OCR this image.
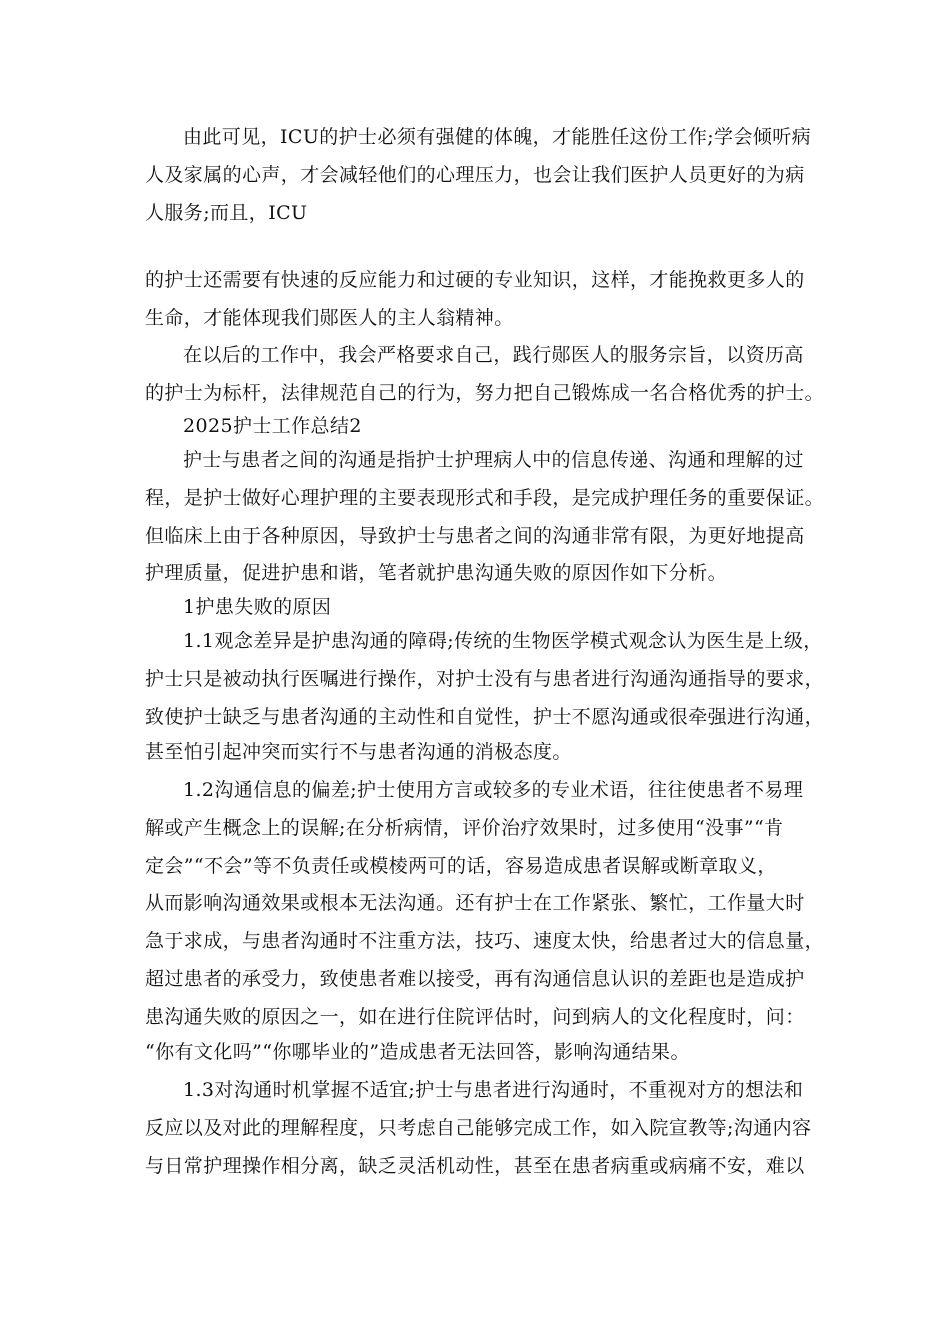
由此可见，ICU的护士必须有强健的体魄，才能胜任这份工作;学会倾听病
人及家属的心声，才会减轻他们的心理压力，也会让我们医护人员更好的为病
人服务;而且，ICU
的护士还需要有快速的反应能力和过硬的专业知识，这样，才能挽救更多人的
生命，才能体现我们郧医人的主人翁精神。
在以后的工作中，我会严格要求自己，践行郧医人的服务宗旨，以资历高
的护士为标杆，法律规范自己的行为，努力把自己锻炼成一名合格优秀的护士。
2025护士工作总结2
护士与患者之间的沟通是指护士护理病人中的信息传递、沟通和理解的过
程，是护士做好心理护理的主要表现形式和手段，是完成护理任务的重要保证。
但临床上由于各种原因，导致护士与患者之间的沟通非常有限，为更好地提高
护理质量，促进护患和谐，笔者就护患沟通失败的原因作如下分析。
1护患失败的原因
1.1观念差异是护患沟通的障碍;传统的生物医学模式观念认为医生是上级，
护士只是被动执行医嘱进行操作，对护士没有与患者进行沟通沟通指导的要求，
致使护士缺乏与患者沟通的主动性和自觉性，护士不愿沟通或很牵强进行沟通，
甚至怕引起冲突而实行不与患者沟通的消极态度。
1.2沟通信息的偏差;护士使用方言或较多的专业术语，往往使患者不易理
解或产生概念上的误解;在分析病情，评价治疗效果时，过多使用“没事”“肯
定会”“不会”等不负责任或模棱两可的话，容易造成患者误解或断章取义，
从而影响沟通效果或根本无法沟通。还有护士在工作紧张、繁忙，工作量大时
急于求成，与患者沟通时不注重方法，技巧、速度太快，给患者过大的信息量，
超过患者的承受力，致使患者难以接受，再有沟通信息认识的差距也是造成护
患沟通失败的原因之一，如在进行住院评估时，问到病人的文化程度时，问：
“你有文化吗”“你哪毕业的”造成患者无法回答，影响沟通结果。
1.3对沟通时机掌握不适宜;护士与患者进行沟通时，不重视对方的想法和
反应以及对此的理解程度，只考虑自己能够完成工作，如入院宣教等;沟通内容
与日常护理操作相分离，缺乏灵活机动性，甚至在患者病重或病痛不安，难以
